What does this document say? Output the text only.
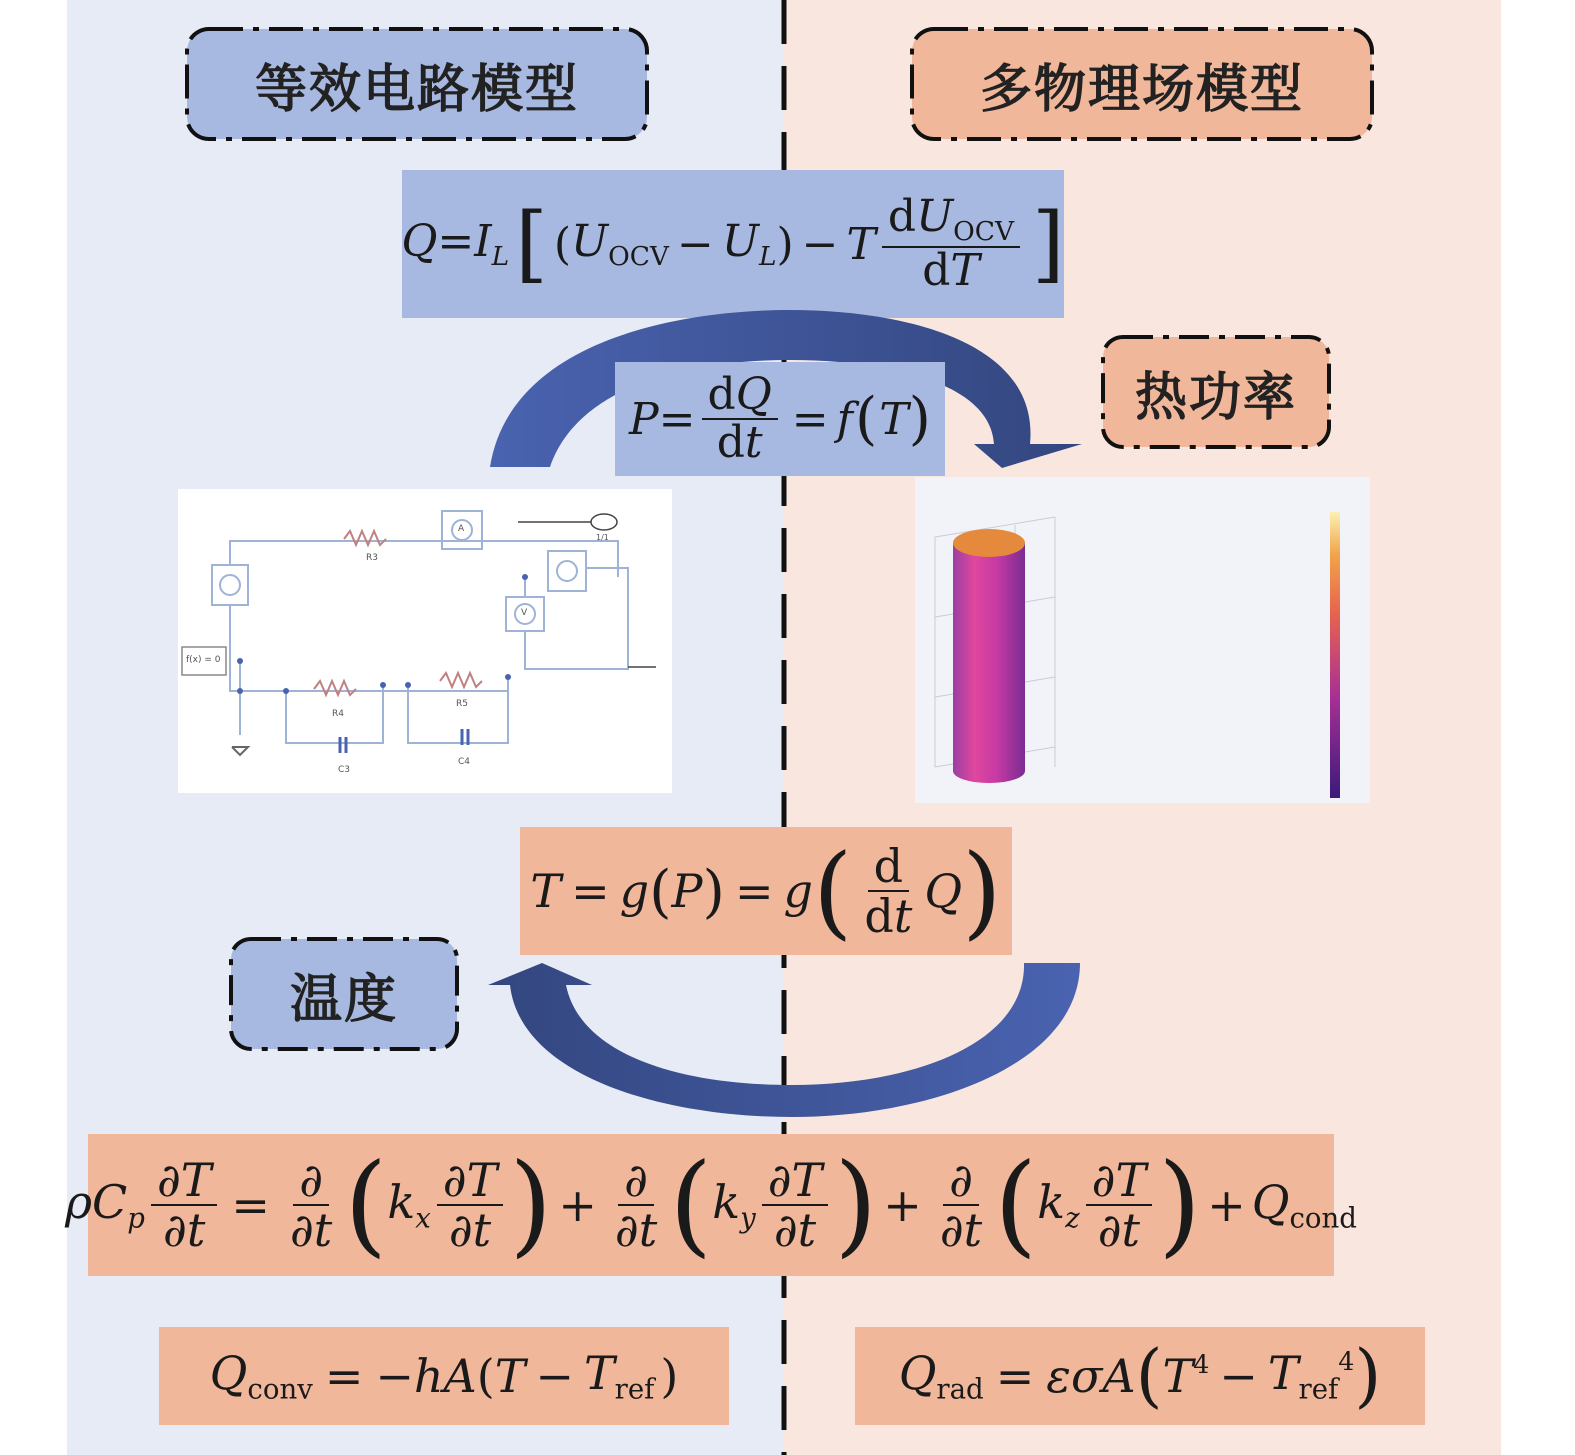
等效电路模型	多物理场模型
$Q=I_L$ [ ( $U_{OCV} - U_L$ ) − T $\frac{dU_{OCV}}{dT}$ ]
$P= \frac{dQ}{dt} = f$ ( T )	热功率
R3
R4
R5
C3
C4
A
V
f(x) = 0
1/1
T = g ( P ) = g ( $\frac{d}{dt}$ Q )
温度
$\rho C_p \frac{\partial T}{\partial t} = \frac{\partial}{\partial t}$ ( $k_x \frac{\partial T}{\partial t}$ ) + $\frac{\partial}{\partial t}$ ( $k_y \frac{\partial T}{\partial t}$ ) + $\frac{\partial}{\partial t}$ ( $k_z \frac{\partial T}{\partial t}$ ) + $Q_{cond}$
$Q_{conv}$ = − hA ( $T - T_{ref}$ )	$Q_{rad} = \varepsilon\sigma A$ ( $T^4 - T_{ref}^4$ )
